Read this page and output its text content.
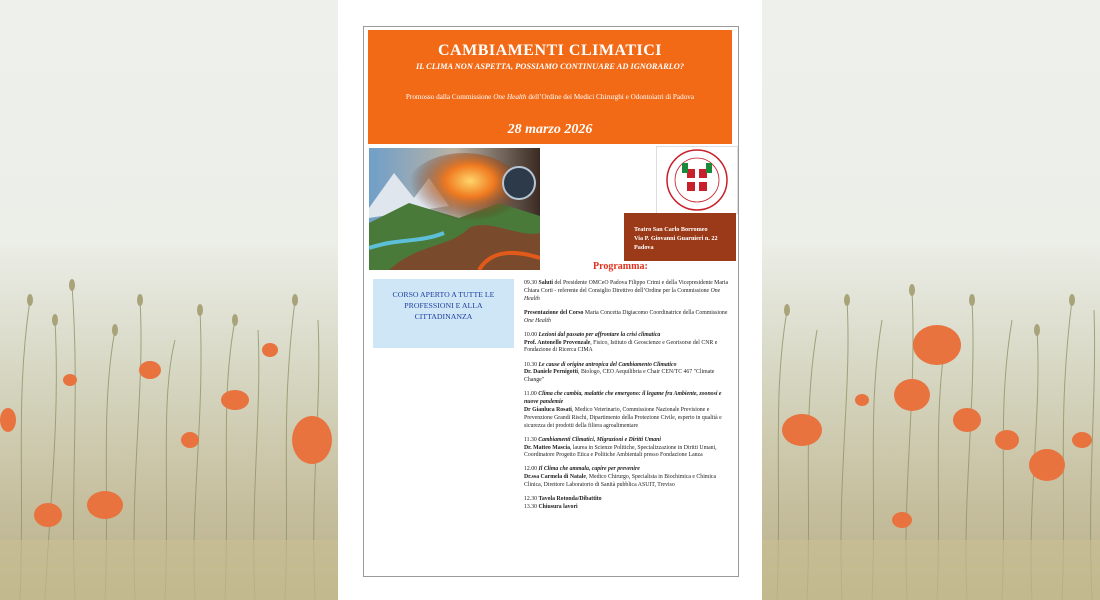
CAMBIAMENTI CLIMATICI
IL CLIMA NON ASPETTA, POSSIAMO CONTINUARE AD IGNORARLO?
Promosso dalla Commissione One Health dell’Ordine dei Medici Chirurghi e Odontoiatri di Padova
28 marzo 2026
Teatro San Carlo Borromeo
Via P. Giovanni Guarnieri n. 22
Padova
Programma:
CORSO APERTO A TUTTE LE PROFESSIONI E ALLA CITTADINANZA
09.30 Saluti del Presidente OMCeO Padova Filippo Crimi e della Vicepresidente Maria Chiara Corti - referente del Consiglio Direttivo dell’Ordine per la Commissione One Health
Presentazione del Corso Maria Concetta Digiacomo Coordinatrice della Commissione One Health
10.00 Lezioni dal passato per affrontare la crisi climatica
Prof. Antonello Provenzale, Fisico, Istituto di Geoscienze e Georisorse del CNR e Fondazione di Ricerca CIMA
10.30 Le cause di origine antropica del Cambiamento Climatico
Dr. Daniele Pernigotti, Biologo, CEO Aequilibria e Chair CEN/TC 467 "Climate Change"
11.00 Clima che cambia, malattie che emergono: il legame fra Ambiente, zoonosi e nuove pandemie
Dr Gianluca Rosati, Medico Veterinario, Commissione Nazionale Previsione e Prevenzione Grandi Rischi, Dipartimento della Protezione Civile, esperto in qualità e sicurezza dei prodotti della filiera agroalimentare
11.30 Cambiamenti Climatici, Migrazioni e Diritti Umani
Dr. Matteo Mascia, laurea in Scienze Politiche, Specializzazione in Diritti Umani, Coordinatore Progetto Etica e Politiche Ambientali presso Fondazione Lanza
12.00 Il Clima che ammala, capire per prevenire
Dr.ssa Carmela di Natale, Medico Chirurgo, Specialista in Biochimica e Chimica Clinica, Direttore Laboratorio di Sanità pubblica ASUIT, Treviso
12.30 Tavola Rotonda/Dibattito
13.30 Chiusura lavori
